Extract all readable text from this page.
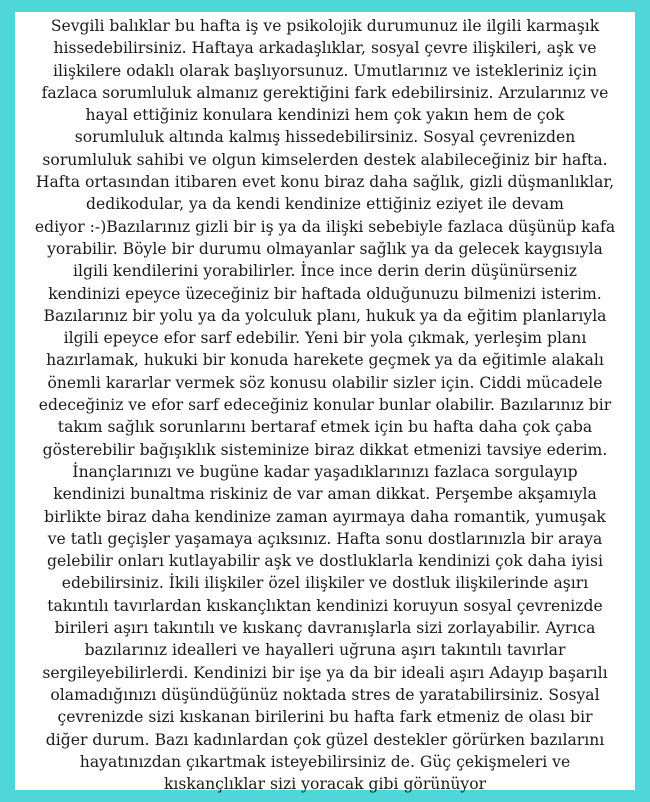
Sevgili balıklar bu hafta iş ve psikolojik durumunuz ile ilgili karmaşık
hissedebilirsiniz. Haftaya arkadaşlıklar, sosyal çevre ilişkileri, aşk ve
ilişkilere odaklı olarak başlıyorsunuz. Umutlarınız ve istekleriniz için
fazlaca sorumluluk almanız gerektiğini fark edebilirsiniz. Arzularınız ve
hayal ettiğiniz konulara kendinizi hem çok yakın hem de çok
sorumluluk altında kalmış hissedebilirsiniz. Sosyal çevrenizden
sorumluluk sahibi ve olgun kimselerden destek alabileceğiniz bir hafta.
Hafta ortasından itibaren evet konu biraz daha sağlık, gizli düşmanlıklar,
dedikodular, ya da kendi kendinize ettiğiniz eziyet ile devam
ediyor :-)Bazılarınız gizli bir iş ya da ilişki sebebiyle fazlaca düşünüp kafa
yorabilir. Böyle bir durumu olmayanlar sağlık ya da gelecek kaygısıyla
ilgili kendilerini yorabilirler. İnce ince derin derin düşünürseniz
kendinizi epeyce üzeceğiniz bir haftada olduğunuzu bilmenizi isterim.
Bazılarınız bir yolu ya da yolculuk planı, hukuk ya da eğitim planlarıyla
ilgili epeyce efor sarf edebilir. Yeni bir yola çıkmak, yerleşim planı
hazırlamak, hukuki bir konuda harekete geçmek ya da eğitimle alakalı
önemli kararlar vermek söz konusu olabilir sizler için. Ciddi mücadele
edeceğiniz ve efor sarf edeceğiniz konular bunlar olabilir. Bazılarınız bir
takım sağlık sorunlarını bertaraf etmek için bu hafta daha çok çaba
gösterebilir bağışıklık sisteminize biraz dikkat etmenizi tavsiye ederim.
İnançlarınızı ve bugüne kadar yaşadıklarınızı fazlaca sorgulayıp
kendinizi bunaltma riskiniz de var aman dikkat. Perşembe akşamıyla
birlikte biraz daha kendinize zaman ayırmaya daha romantik, yumuşak
ve tatlı geçişler yaşamaya açıksınız. Hafta sonu dostlarınızla bir araya
gelebilir onları kutlayabilir aşk ve dostluklarla kendinizi çok daha iyisi
edebilirsiniz. İkili ilişkiler özel ilişkiler ve dostluk ilişkilerinde aşırı
takıntılı tavırlardan kıskançlıktan kendinizi koruyun sosyal çevrenizde
birileri aşırı takıntılı ve kıskanç davranışlarla sizi zorlayabilir. Ayrıca
bazılarınız idealleri ve hayalleri uğruna aşırı takıntılı tavırlar
sergileyebilirlerdi. Kendinizi bir işe ya da bir ideali aşırı Adayıp başarılı
olamadığınızı düşündüğünüz noktada stres de yaratabilirsiniz. Sosyal
çevrenizde sizi kıskanan birilerini bu hafta fark etmeniz de olası bir
diğer durum. Bazı kadınlardan çok güzel destekler görürken bazılarını
hayatınızdan çıkartmak isteyebilirsiniz de. Güç çekişmeleri ve
kıskançlıklar sizi yoracak gibi görünüyor
